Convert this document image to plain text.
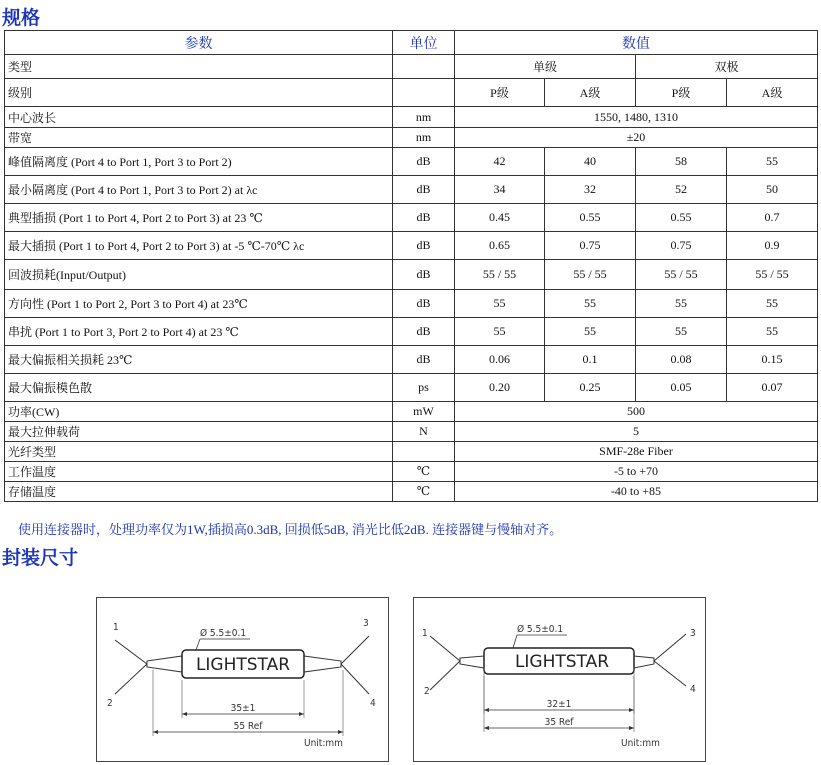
规格
参数	单位	数值			
类型		单级		双极	
级别		P级	A级	P级	A级
中心波长	nm	1550, 1480, 1310			
带宽	nm	±20			
峰值隔离度 (Port 4 to Port 1, Port 3 to Port 2)	dB	42	40	58	55
最小隔离度 (Port 4 to Port 1, Port 3 to Port 2) at λc	dB	34	32	52	50
典型插损 (Port 1 to Port 4, Port 2 to Port 3) at 23 ℃	dB	0.45	0.55	0.55	0.7
最大插损 (Port 1 to Port 4, Port 2 to Port 3) at -5 ℃-70℃ λc	dB	0.65	0.75	0.75	0.9
回波损耗(Input/Output)	dB	55 / 55	55 / 55	55 / 55	55 / 55
方向性 (Port 1 to Port 2, Port 3 to Port 4) at 23℃	dB	55	55	55	55
串扰 (Port 1 to Port 3, Port 2 to Port 4) at 23 ℃	dB	55	55	55	55
最大偏振相关损耗 23℃	dB	0.06	0.1	0.08	0.15
最大偏振模色散	ps	0.20	0.25	0.05	0.07
功率(CW)	mW	500			
最大拉伸载荷	N	5			
光纤类型		SMF-28e Fiber			
工作温度	℃	-5 to +70			
存储温度	℃	-40 to +85			
使用连接器时，处理功率仅为1W,插损高0.3dB, 回损低5dB, 消光比低2dB. 连接器键与慢轴对齐。
封装尺寸
LIGHTSTAR
Ø 5.5±0.1
35±1
55 Ref
1
2
3
4
Unit:mm
LIGHTSTAR
Ø 5.5±0.1
32±1
35 Ref
1
2
3
4
Unit:mm
